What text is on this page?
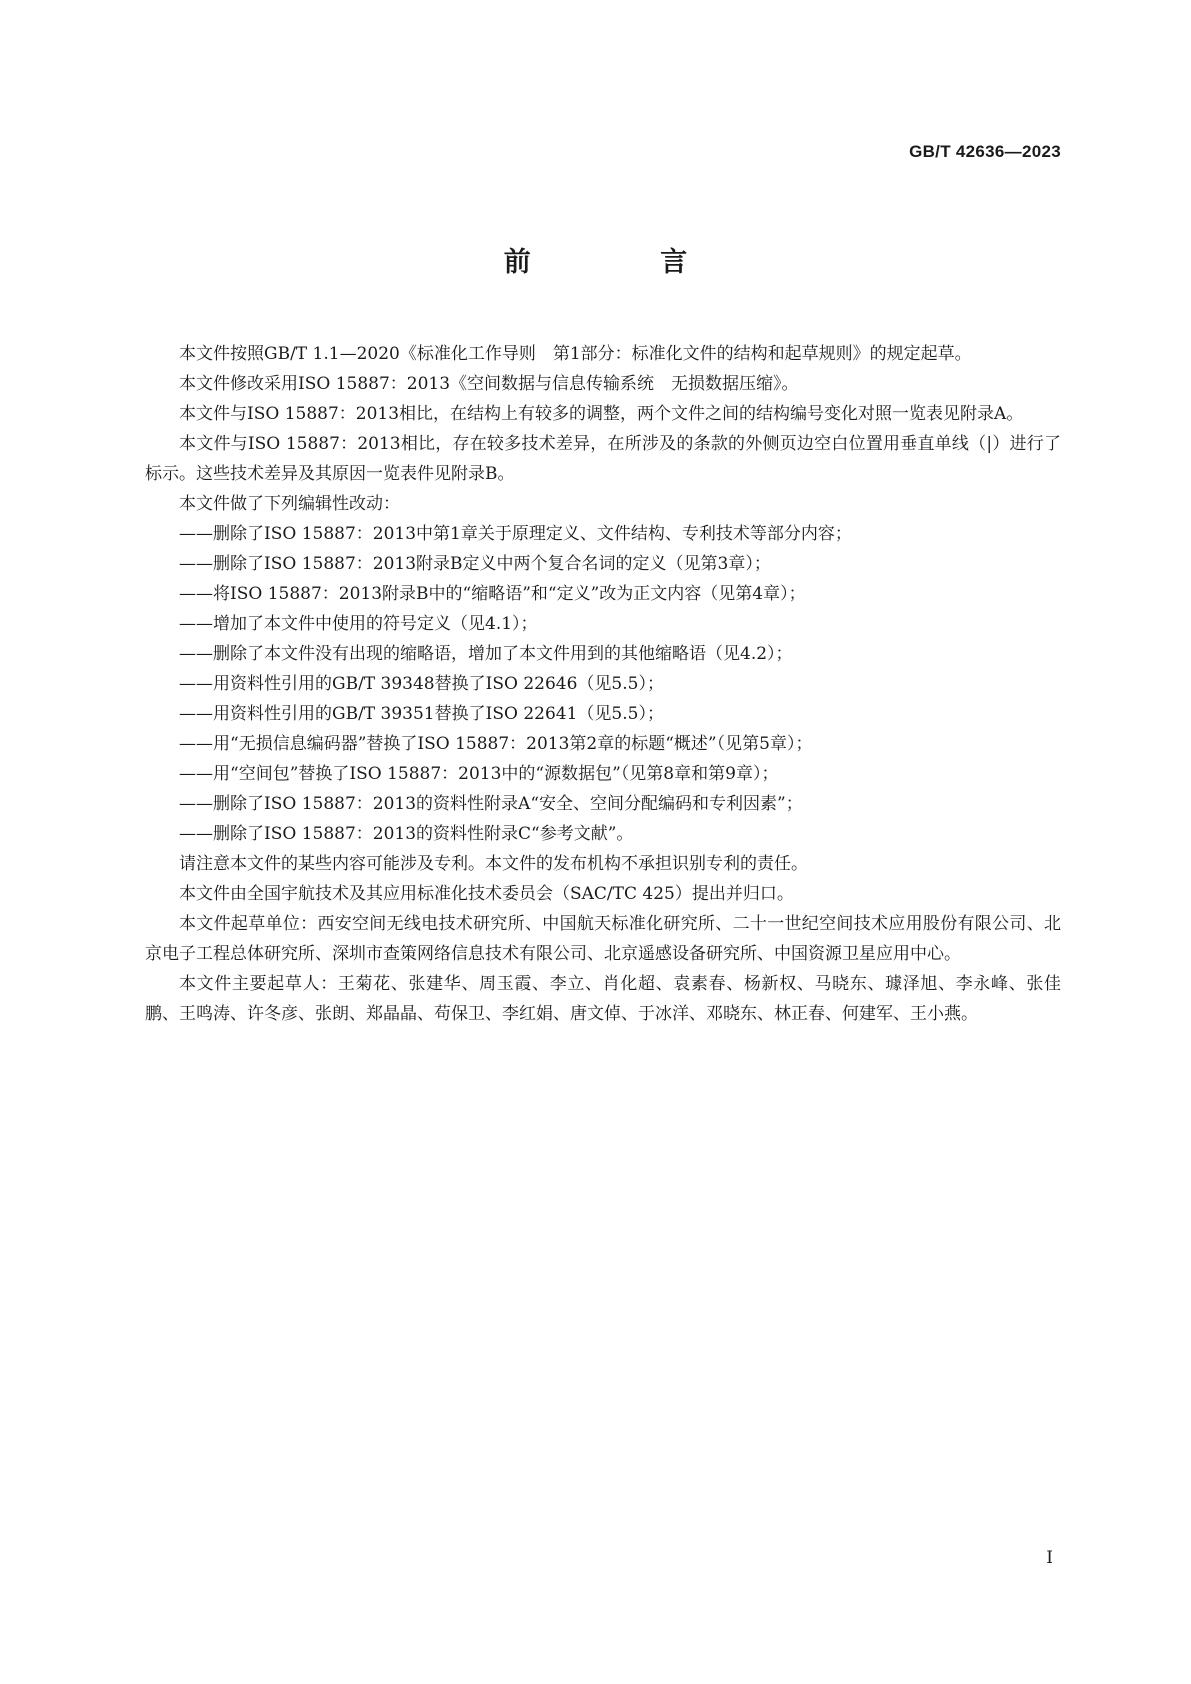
GB/T 42636—2023
前 言

本文件按照GB/T 1.1—2020《标准化工作导则　第1部分：标准化文件的结构和起草规则》的规定起草。

本文件修改采用ISO 15887：2013《空间数据与信息传输系统　无损数据压缩》。

本文件与ISO 15887：2013相比，在结构上有较多的调整，两个文件之间的结构编号变化对照一览表见附录A。

本文件与ISO 15887：2013相比，存在较多技术差异，在所涉及的条款的外侧页边空白位置用垂直单线（|）进行了标示。这些技术差异及其原因一览表件见附录B。

本文件做了下列编辑性改动：

——删除了ISO 15887：2013中第1章关于原理定义、文件结构、专利技术等部分内容；

——删除了ISO 15887：2013附录B定义中两个复合名词的定义（见第3章）；

——将ISO 15887：2013附录B中的“缩略语”和“定义”改为正文内容（见第4章）；

——增加了本文件中使用的符号定义（见4.1）；

——删除了本文件没有出现的缩略语，增加了本文件用到的其他缩略语（见4.2）；

——用资料性引用的GB/T 39348替换了ISO 22646（见5.5）；

——用资料性引用的GB/T 39351替换了ISO 22641（见5.5）；

——用“无损信息编码器”替换了ISO 15887：2013第2章的标题“概述”（见第5章）；

——用“空间包”替换了ISO 15887：2013中的“源数据包”（见第8章和第9章）；

——删除了ISO 15887：2013的资料性附录A“安全、空间分配编码和专利因素”；

——删除了ISO 15887：2013的资料性附录C“参考文献”。

请注意本文件的某些内容可能涉及专利。本文件的发布机构不承担识别专利的责任。

本文件由全国宇航技术及其应用标准化技术委员会（SAC/TC 425）提出并归口。

本文件起草单位：西安空间无线电技术研究所、中国航天标准化研究所、二十一世纪空间技术应用股份有限公司、北京电子工程总体研究所、深圳市查策网络信息技术有限公司、北京遥感设备研究所、中国资源卫星应用中心。

本文件主要起草人：王菊花、张建华、周玉霞、李立、肖化超、袁素春、杨新权、马晓东、璩泽旭、李永峰、张佳鹏、王鸣涛、许冬彦、张朗、郑晶晶、苟保卫、李红娟、唐文倬、于冰洋、邓晓东、林正春、何建军、王小燕。

I
